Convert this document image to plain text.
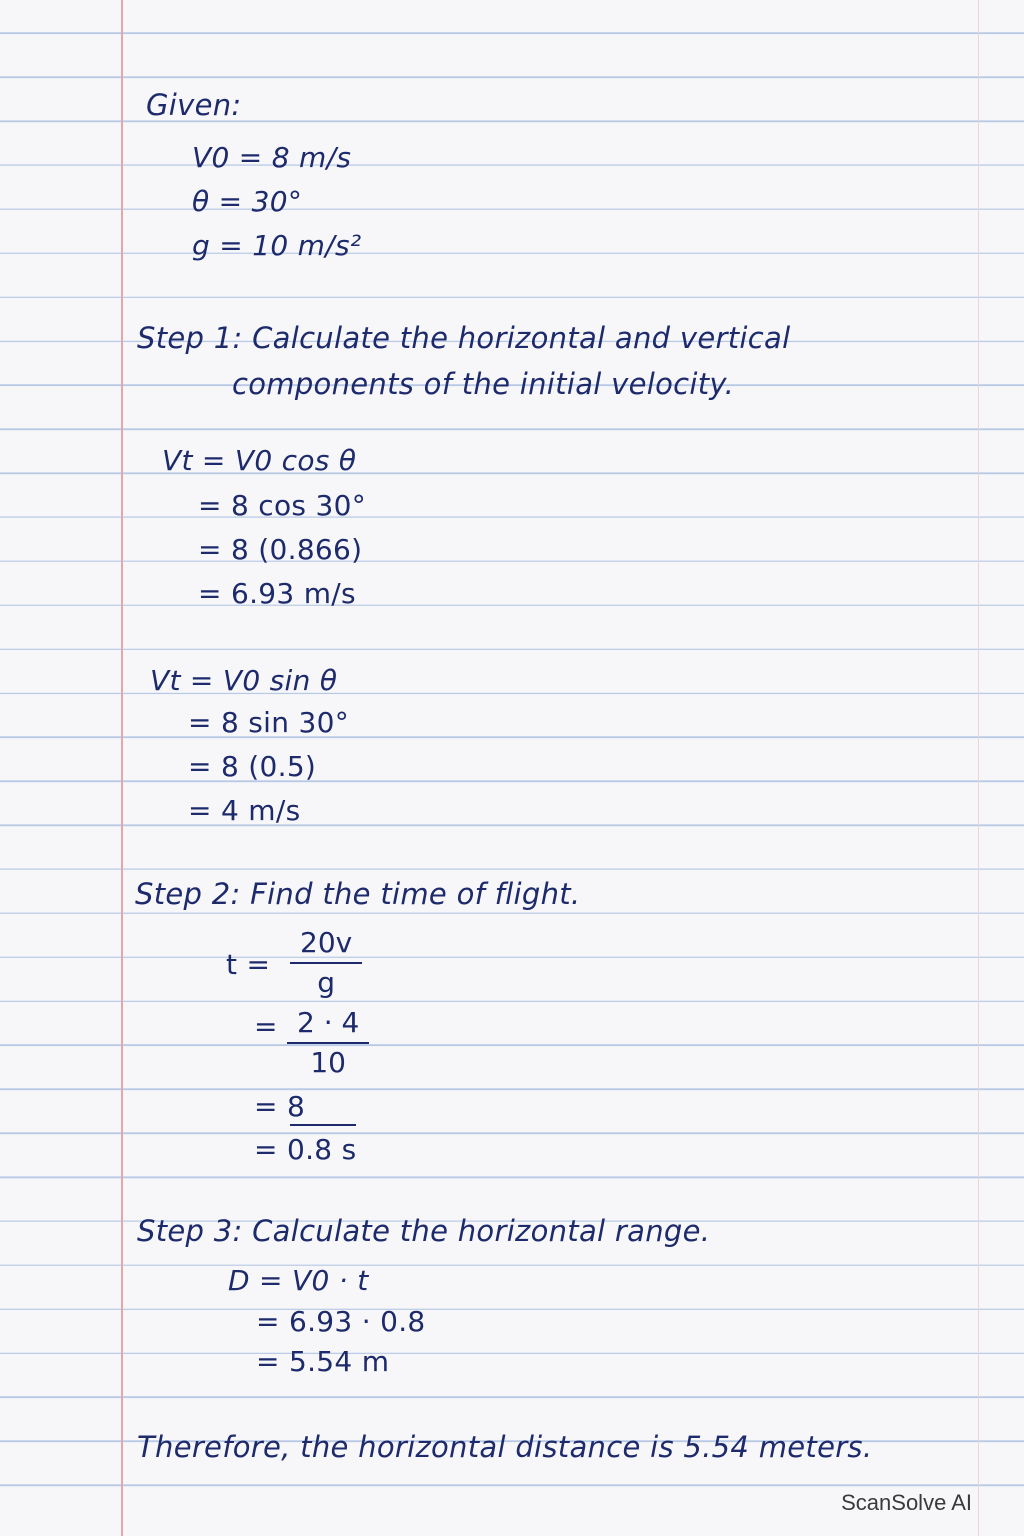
Given:
V0 = 8 m/s
θ = 30°
g = 10 m/s²
Step 1: Calculate the horizontal and vertical
components of the initial velocity.
Vt = V0 cos θ
= 8 cos 30°
= 8 (0.866)
= 6.93 m/s
Vt = V0 sin θ
= 8 sin 30°
= 8 (0.5)
= 4 m/s
Step 2: Find the time of flight.
$t = \frac{20v}{g}$
= $\frac{2 \cdot 4}{10}$
= 8
= 0.8 s
Step 3: Calculate the horizontal range.
D = V0 · t
= 6.93 · 0.8
= 5.54 m
Therefore, the horizontal distance is 5.54 meters.
ScanSolve AI
